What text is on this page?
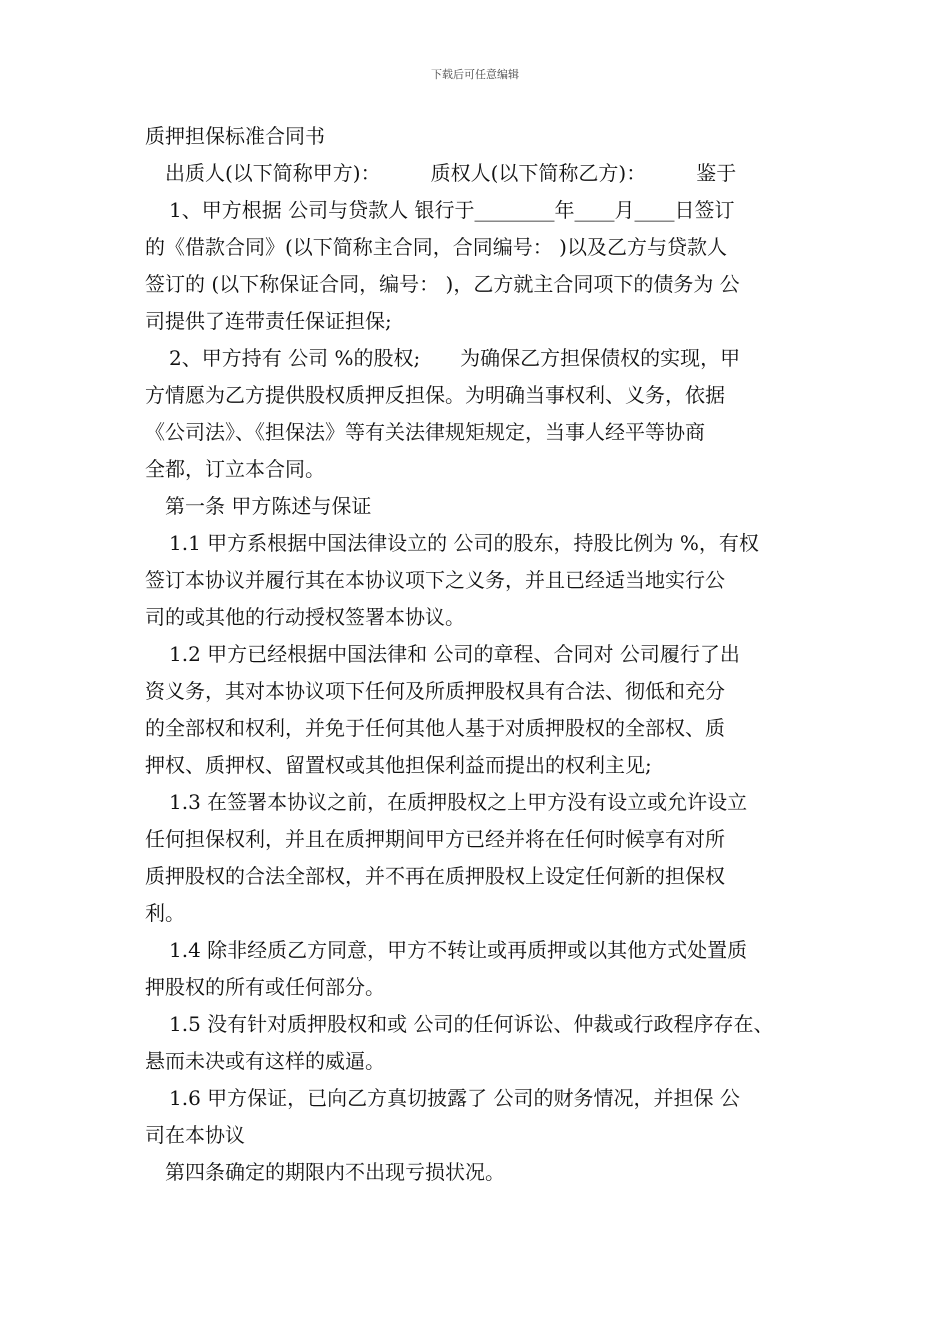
下载后可任意编辑
质押担保标准合同书
出质人(以下简称甲方)：　　　质权人(以下简称乙方)：　　　鉴于
1、甲方根据 公司与贷款人 银行于________年____月____日签订
的《借款合同》(以下简称主合同，合同编号： )以及乙方与贷款人
签订的 (以下称保证合同，编号： )，乙方就主合同项下的债务为 公
司提供了连带责任保证担保;
2、甲方持有 公司 %的股权;　　为确保乙方担保债权的实现，甲
方情愿为乙方提供股权质押反担保。为明确当事权利、义务，依据
《公司法》、《担保法》等有关法律规矩规定，当事人经平等协商
全都，订立本合同。
第一条 甲方陈述与保证
1.1 甲方系根据中国法律设立的 公司的股东，持股比例为 %，有权
签订本协议并履行其在本协议项下之义务，并且已经适当地实行公
司的或其他的行动授权签署本协议。
1.2 甲方已经根据中国法律和 公司的章程、合同对 公司履行了出
资义务，其对本协议项下任何及所质押股权具有合法、彻低和充分
的全部权和权利，并免于任何其他人基于对质押股权的全部权、质
押权、质押权、留置权或其他担保利益而提出的权利主见;
1.3 在签署本协议之前，在质押股权之上甲方没有设立或允许设立
任何担保权利，并且在质押期间甲方已经并将在任何时候享有对所
质押股权的合法全部权，并不再在质押股权上设定任何新的担保权
利。
1.4 除非经质乙方同意，甲方不转让或再质押或以其他方式处置质
押股权的所有或任何部分。
1.5 没有针对质押股权和或 公司的任何诉讼、仲裁或行政程序存在、
悬而未决或有这样的威逼。
1.6 甲方保证，已向乙方真切披露了 公司的财务情况，并担保 公
司在本协议
第四条确定的期限内不出现亏损状况。
